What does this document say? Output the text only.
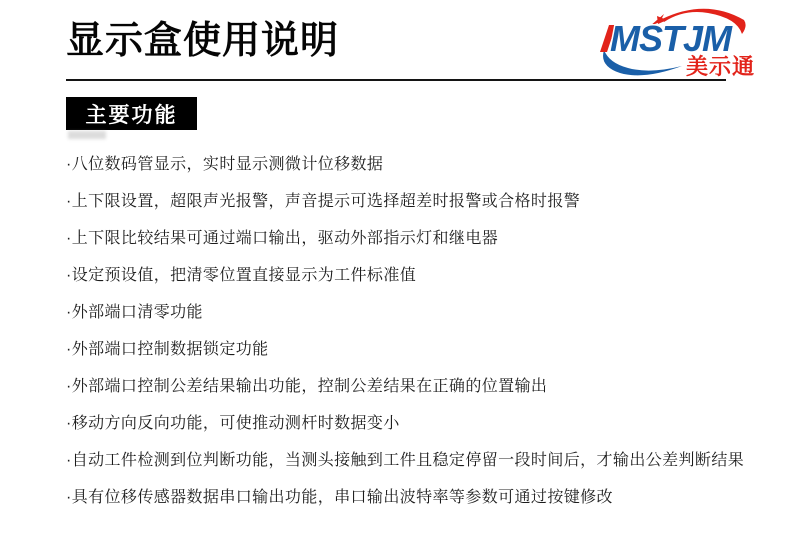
显示盒使用说明	MSTJM
美示通
主要功能
·八位数码管显示，实时显示测微计位移数据
·上下限设置，超限声光报警，声音提示可选择超差时报警或合格时报警
·上下限比较结果可通过端口输出，驱动外部指示灯和继电器
·设定预设值，把清零位置直接显示为工件标准值
·外部端口清零功能
·外部端口控制数据锁定功能
·外部端口控制公差结果输出功能，控制公差结果在正确的位置输出
·移动方向反向功能，可使推动测杆时数据变小
·自动工件检测到位判断功能，当测头接触到工件且稳定停留一段时间后，才输出公差判断结果
·具有位移传感器数据串口输出功能，串口输出波特率等参数可通过按键修改
